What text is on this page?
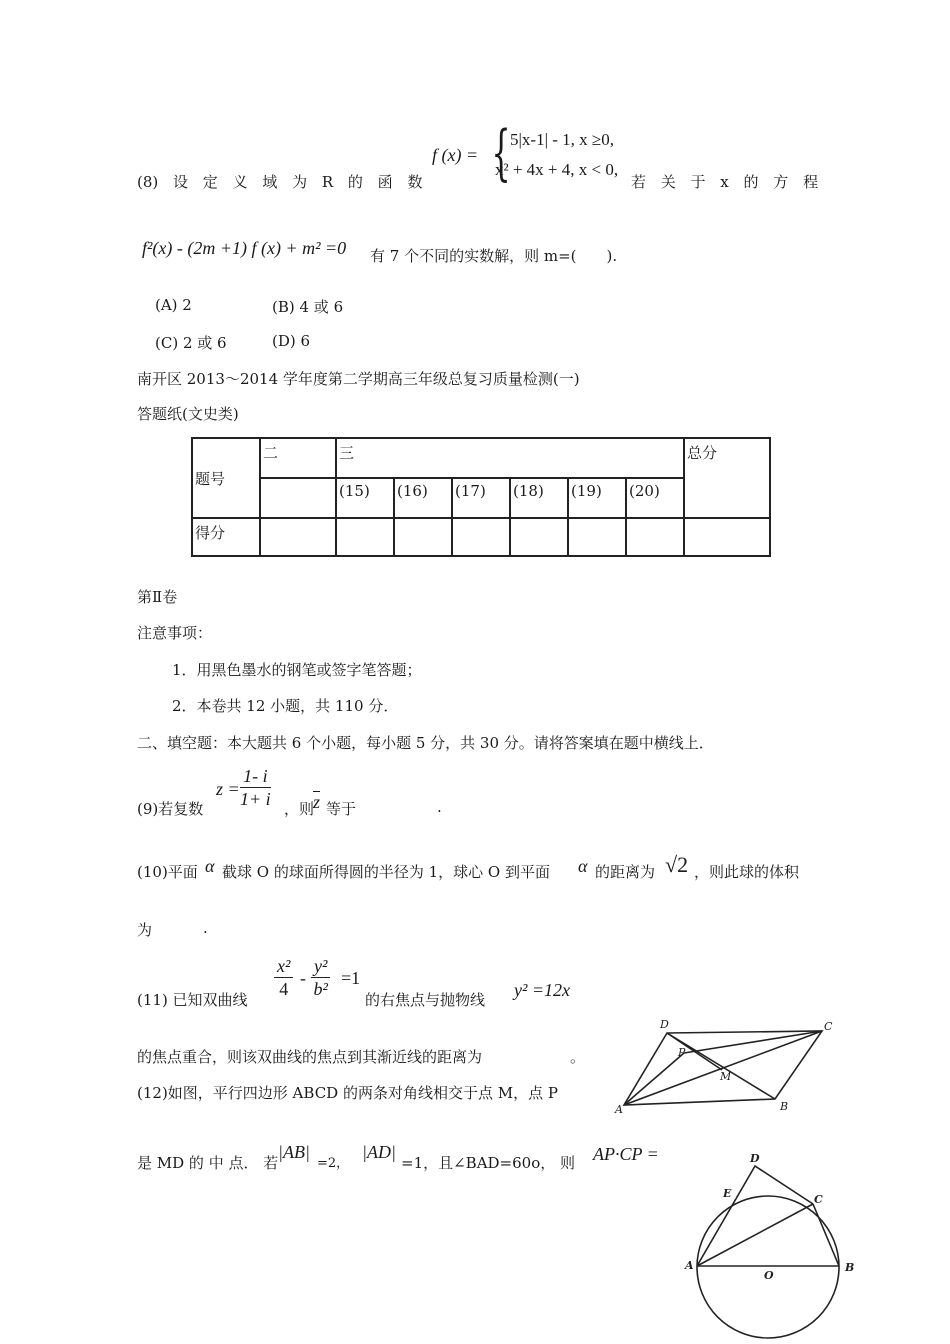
(8) 设 定 义 域 为 R 的 函 数
f (x) = { 5|x-1| - 1, x ≥0,
x² + 4x + 4, x < 0,
若 关 于 x 的 方 程
f²(x) - (2m +1) f (x) + m² =0 有 7 个不同的实数解，则 m=(　　).
(A) 2	(B) 4 或 6
(C) 2 或 6	(D) 6
南开区 2013～2014 学年度第二学期高三年级总复习质量检测(一)
答题纸(文史类)
题号	二	三						总分
		(15)	(16)	(17)	(18)	(19)	(20)	
得分								
第Ⅱ卷
注意事项：
1．用黑色墨水的钢笔或签字笔答题；
2．本卷共 12 小题，共 110 分．
二、填空题：本大题共 6 个小题，每小题 5 分，共 30 分。请将答案填在题中横线上．
(9)若复数
$z = \frac{1- i}{1+ i}$ ，则
$\overline{z}$ 等于	.
(10)平面 α 截球 O 的球面所得圆的半径为 1，球心 O 到平面 α 的距离为 √2 ，则此球的体积
为	.
(11) 已知双曲线 $\frac{\text{x²}}{4} - \frac{\text{y²}}{\text{b²}} =1$
的右焦点与抛物线 y² =12x
的焦点重合，则该双曲线的焦点到其渐近线的距离为	。
(12)如图，平行四边形 ABCD 的两条对角线相交于点 M，点 P
是 MD 的 中 点． 若
|AB|
=2，
|AD|
=1，且∠BAD=60o， 则 AP·CP =
D	C
P
M
A	B
D
E	C
A
O
B
